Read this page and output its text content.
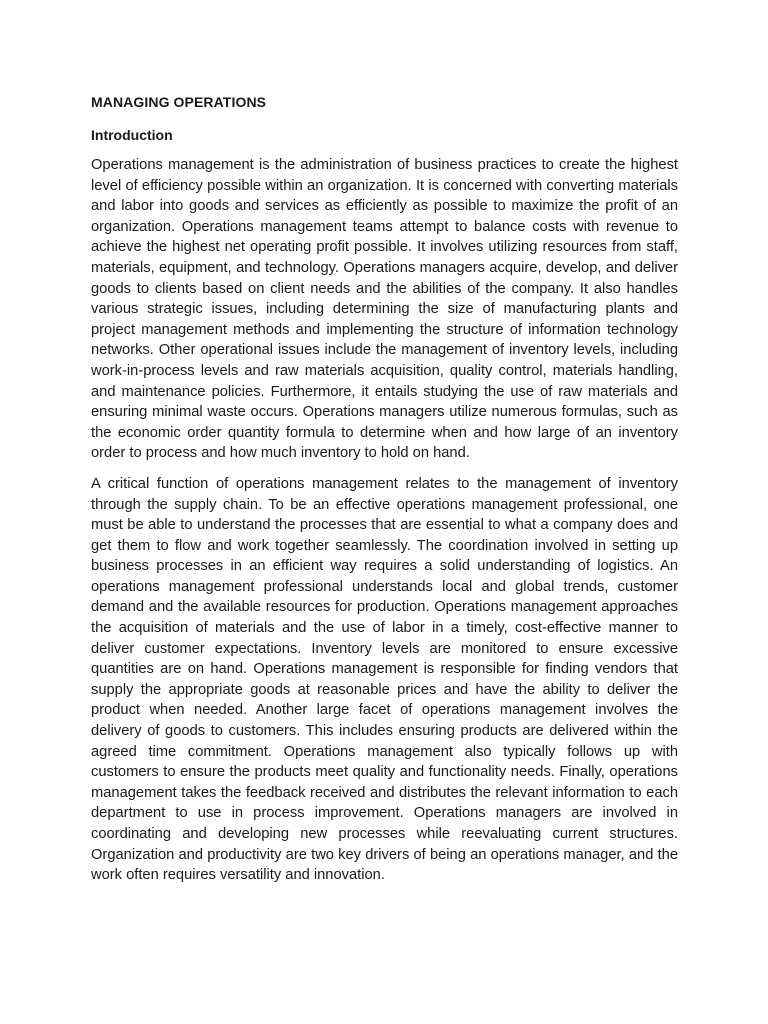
MANAGING OPERATIONS
Introduction

Operations management is the administration of business practices to create the highest level of efficiency possible within an organization. It is concerned with converting materials and labor into goods and services as efficiently as possible to maximize the profit of an organization. Operations management teams attempt to balance costs with revenue to achieve the highest net operating profit possible. It involves utilizing resources from staff, materials, equipment, and technology. Operations managers acquire, develop, and deliver goods to clients based on client needs and the abilities of the company. It also handles various strategic issues, including determining the size of manufacturing plants and project management methods and implementing the structure of information technology networks. Other operational issues include the management of inventory levels, including work-in-process levels and raw materials acquisition, quality control, materials handling, and maintenance policies. Furthermore, it entails studying the use of raw materials and ensuring minimal waste occurs. Operations managers utilize numerous formulas, such as the economic order quantity formula to determine when and how large of an inventory order to process and how much inventory to hold on hand.

A critical function of operations management relates to the management of inventory through the supply chain. To be an effective operations management professional, one must be able to understand the processes that are essential to what a company does and get them to flow and work together seamlessly. The coordination involved in setting up business processes in an efficient way requires a solid understanding of logistics. An operations management professional understands local and global trends, customer demand and the available resources for production. Operations management approaches the acquisition of materials and the use of labor in a timely, cost-effective manner to deliver customer expectations. Inventory levels are monitored to ensure excessive quantities are on hand. Operations management is responsible for finding vendors that supply the appropriate goods at reasonable prices and have the ability to deliver the product when needed. Another large facet of operations management involves the delivery of goods to customers. This includes ensuring products are delivered within the agreed time commitment. Operations management also typically follows up with customers to ensure the products meet quality and functionality needs. Finally, operations management takes the feedback received and distributes the relevant information to each department to use in process improvement. Operations managers are involved in coordinating and developing new processes while reevaluating current structures. Organization and productivity are two key drivers of being an operations manager, and the work often requires versatility and innovation.
